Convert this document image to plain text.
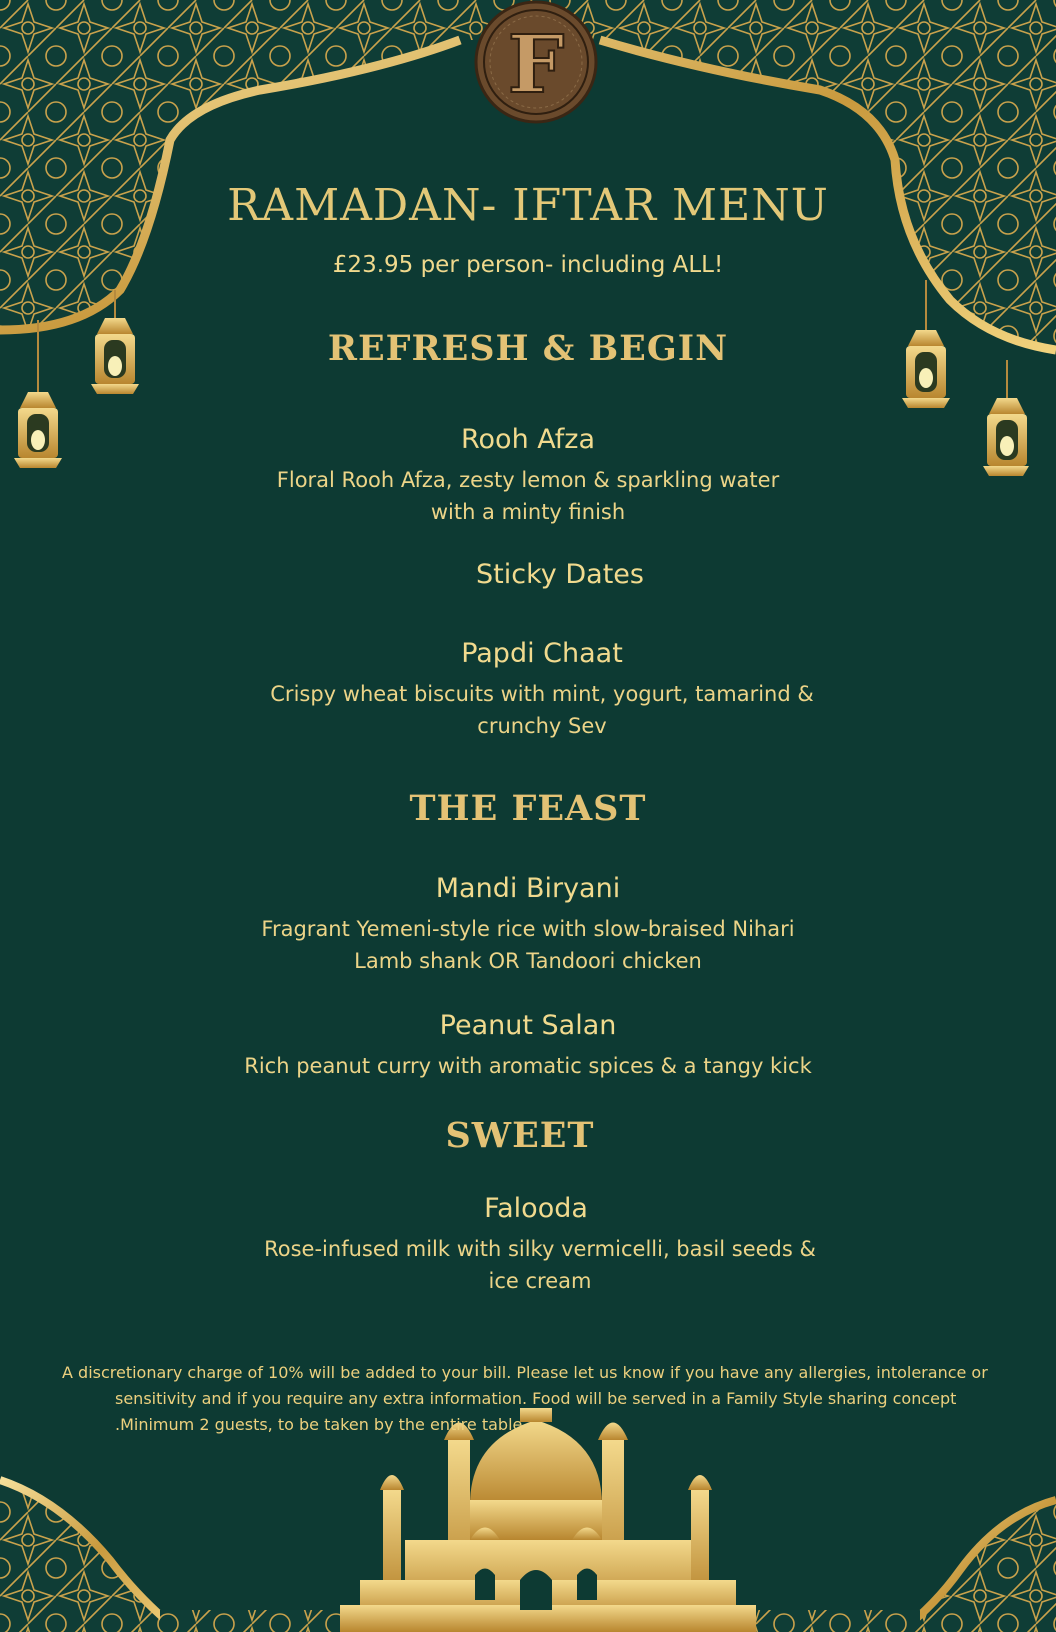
F
RAMADAN- IFTAR MENU
£23.95 per person- including ALL!
REFRESH & BEGIN
Rooh Afza
Floral Rooh Afza, zesty lemon & sparkling water
with a minty finish
Sticky Dates
Papdi Chaat
Crispy wheat biscuits with mint, yogurt, tamarind &
crunchy Sev
THE FEAST
Mandi Biryani
Fragrant Yemeni-style rice with slow-braised Nihari
Lamb shank OR Tandoori chicken
Peanut Salan
Rich peanut curry with aromatic spices & a tangy kick
SWEET
Falooda
Rose-infused milk with silky vermicelli, basil seeds &
ice cream
A discretionary charge of 10% will be added to your bill. Please let us know if you have any allergies, intolerance or
sensitivity and if you require any extra information. Food will be served in a Family Style sharing concept
.Minimum 2 guests, to be taken by the entire table.
